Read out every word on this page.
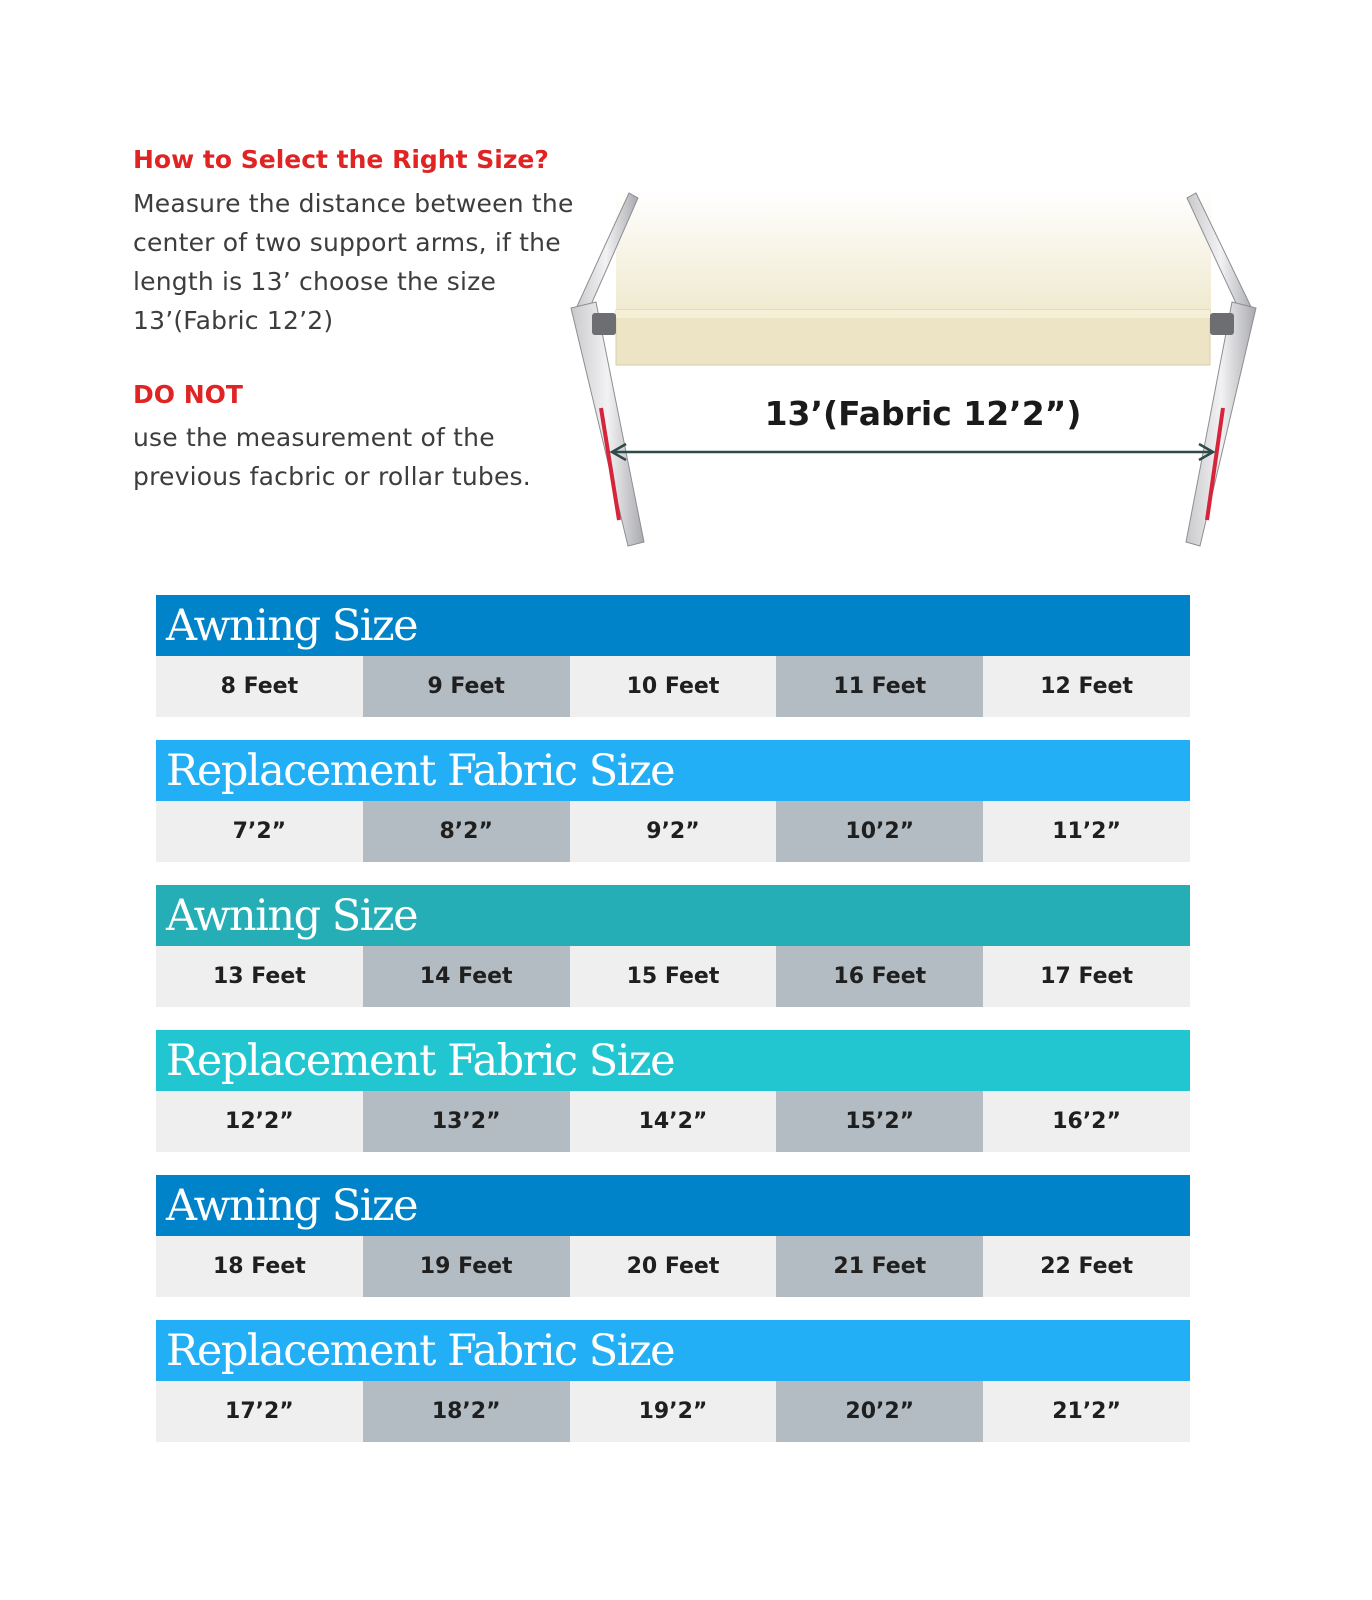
How to Select the Right Size?
Measure the distance between the
center of two support arms, if the
length is 13’ choose the size
13’(Fabric 12’2)
DO NOT
use the measurement of the
previous facbric or rollar tubes.
13’(Fabric 12’2”)
Awning Size
8 Feet	9 Feet	10 Feet	11 Feet	12 Feet
Replacement Fabric Size
7’2”	8’2”	9’2”	10’2”	11’2”
Awning Size
13 Feet	14 Feet	15 Feet	16 Feet	17 Feet
Replacement Fabric Size
12’2”	13’2”	14’2”	15’2”	16’2”
Awning Size
18 Feet	19 Feet	20 Feet	21 Feet	22 Feet
Replacement Fabric Size
17’2”	18’2”	19’2”	20’2”	21’2”
